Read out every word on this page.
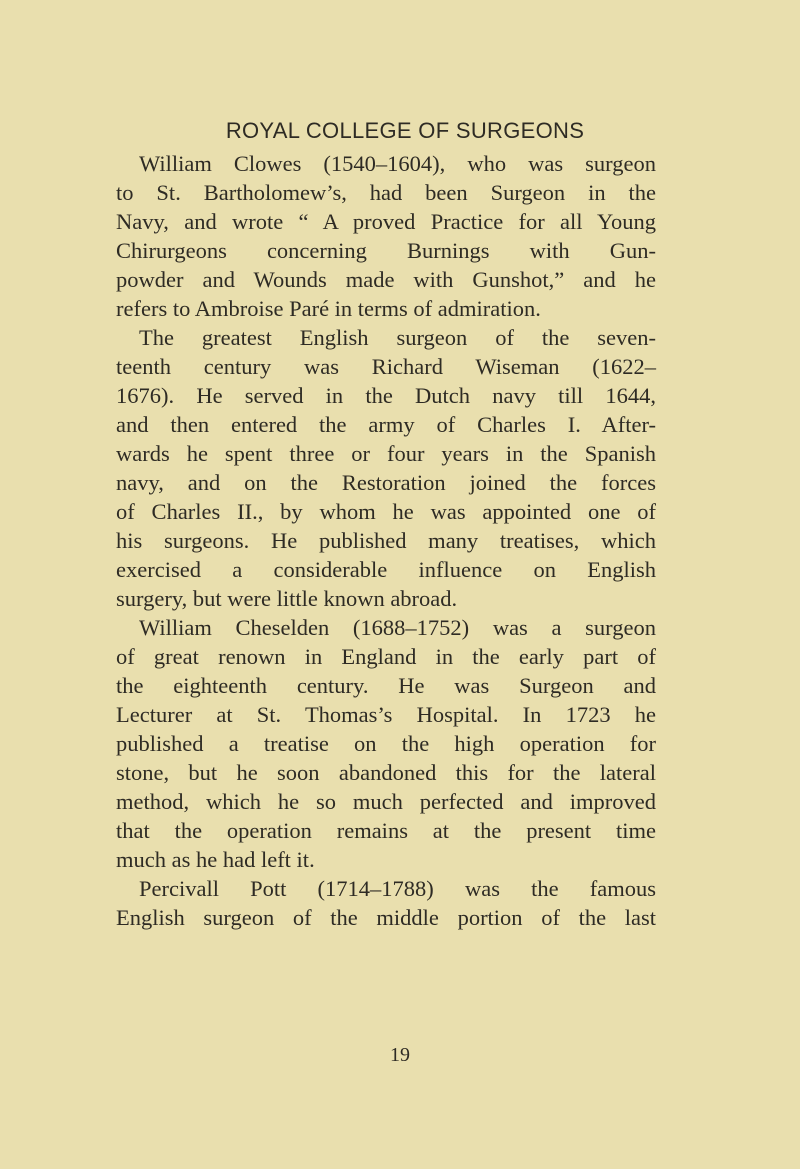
ROYAL COLLEGE OF SURGEONS
William Clowes (1540–1604), who was surgeon
to St. Bartholomew’s, had been Surgeon in the
Navy, and wrote “ A proved Practice for all Young
Chirurgeons concerning Burnings with Gun-
powder and Wounds made with Gunshot,” and he
refers to Ambroise Paré in terms of admiration.
The greatest English surgeon of the seven-
teenth century was Richard Wiseman (1622–
1676). He served in the Dutch navy till 1644,
and then entered the army of Charles I. After-
wards he spent three or four years in the Spanish
navy, and on the Restoration joined the forces
of Charles II., by whom he was appointed one of
his surgeons. He published many treatises, which
exercised a considerable influence on English
surgery, but were little known abroad.
William Cheselden (1688–1752) was a surgeon
of great renown in England in the early part of
the eighteenth century. He was Surgeon and
Lecturer at St. Thomas’s Hospital. In 1723 he
published a treatise on the high operation for
stone, but he soon abandoned this for the lateral
method, which he so much perfected and improved
that the operation remains at the present time
much as he had left it.
Percivall Pott (1714–1788) was the famous
English surgeon of the middle portion of the last
19
